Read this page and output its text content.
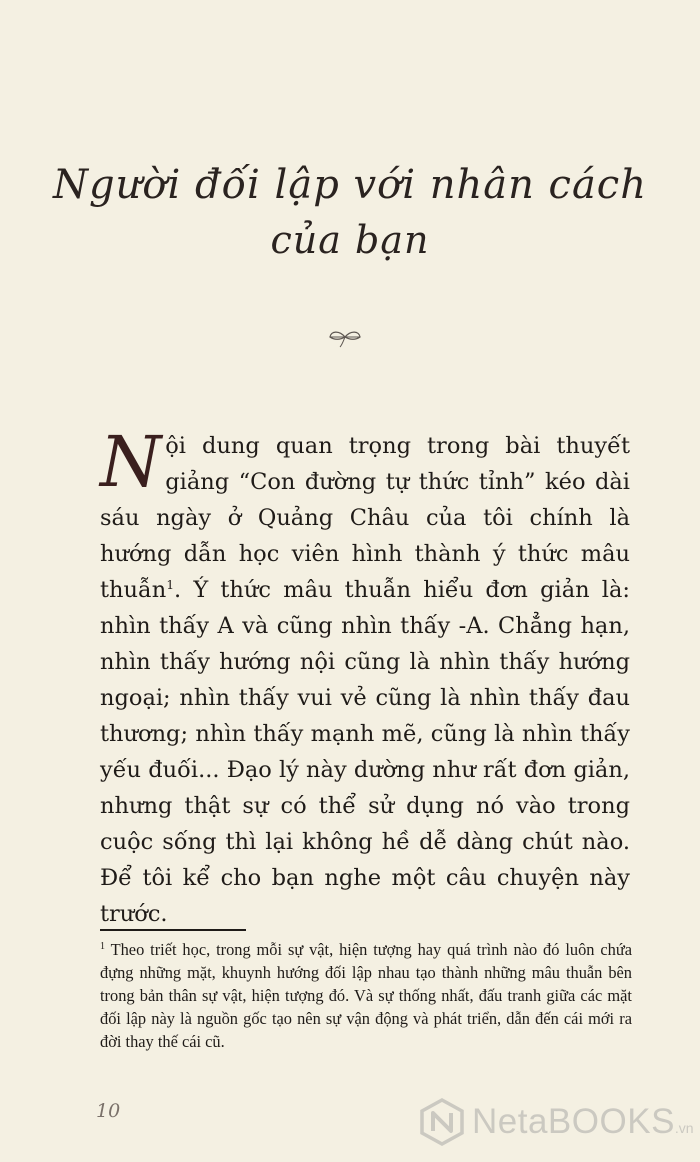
Người đối lập với nhân cách
của bạn

Nội dung quan trọng trong bài thuyết giảng “Con đường tự thức tỉnh” kéo dài sáu ngày ở Quảng Châu của tôi chính là hướng dẫn học viên hình thành ý thức mâu thuẫn$^1$. Ý thức mâu thuẫn hiểu đơn giản là: nhìn thấy A và cũng nhìn thấy -A. Chẳng hạn, nhìn thấy hướng nội cũng là nhìn thấy hướng ngoại; nhìn thấy vui vẻ cũng là nhìn thấy đau thương; nhìn thấy mạnh mẽ, cũng là nhìn thấy yếu đuối... Đạo lý này dường như rất đơn giản, nhưng thật sự có thể sử dụng nó vào trong cuộc sống thì lại không hề dễ dàng chút nào. Để tôi kể cho bạn nghe một câu chuyện này trước.

$^1$ Theo triết học, trong mỗi sự vật, hiện tượng hay quá trình nào đó luôn chứa đựng những mặt, khuynh hướng đối lập nhau tạo thành những mâu thuẫn bên trong bản thân sự vật, hiện tượng đó. Và sự thống nhất, đấu tranh giữa các mặt đối lập này là nguồn gốc tạo nên sự vận động và phát triển, dẫn đến cái mới ra đời thay thế cái cũ.
10	NetaBOOKS .vn
